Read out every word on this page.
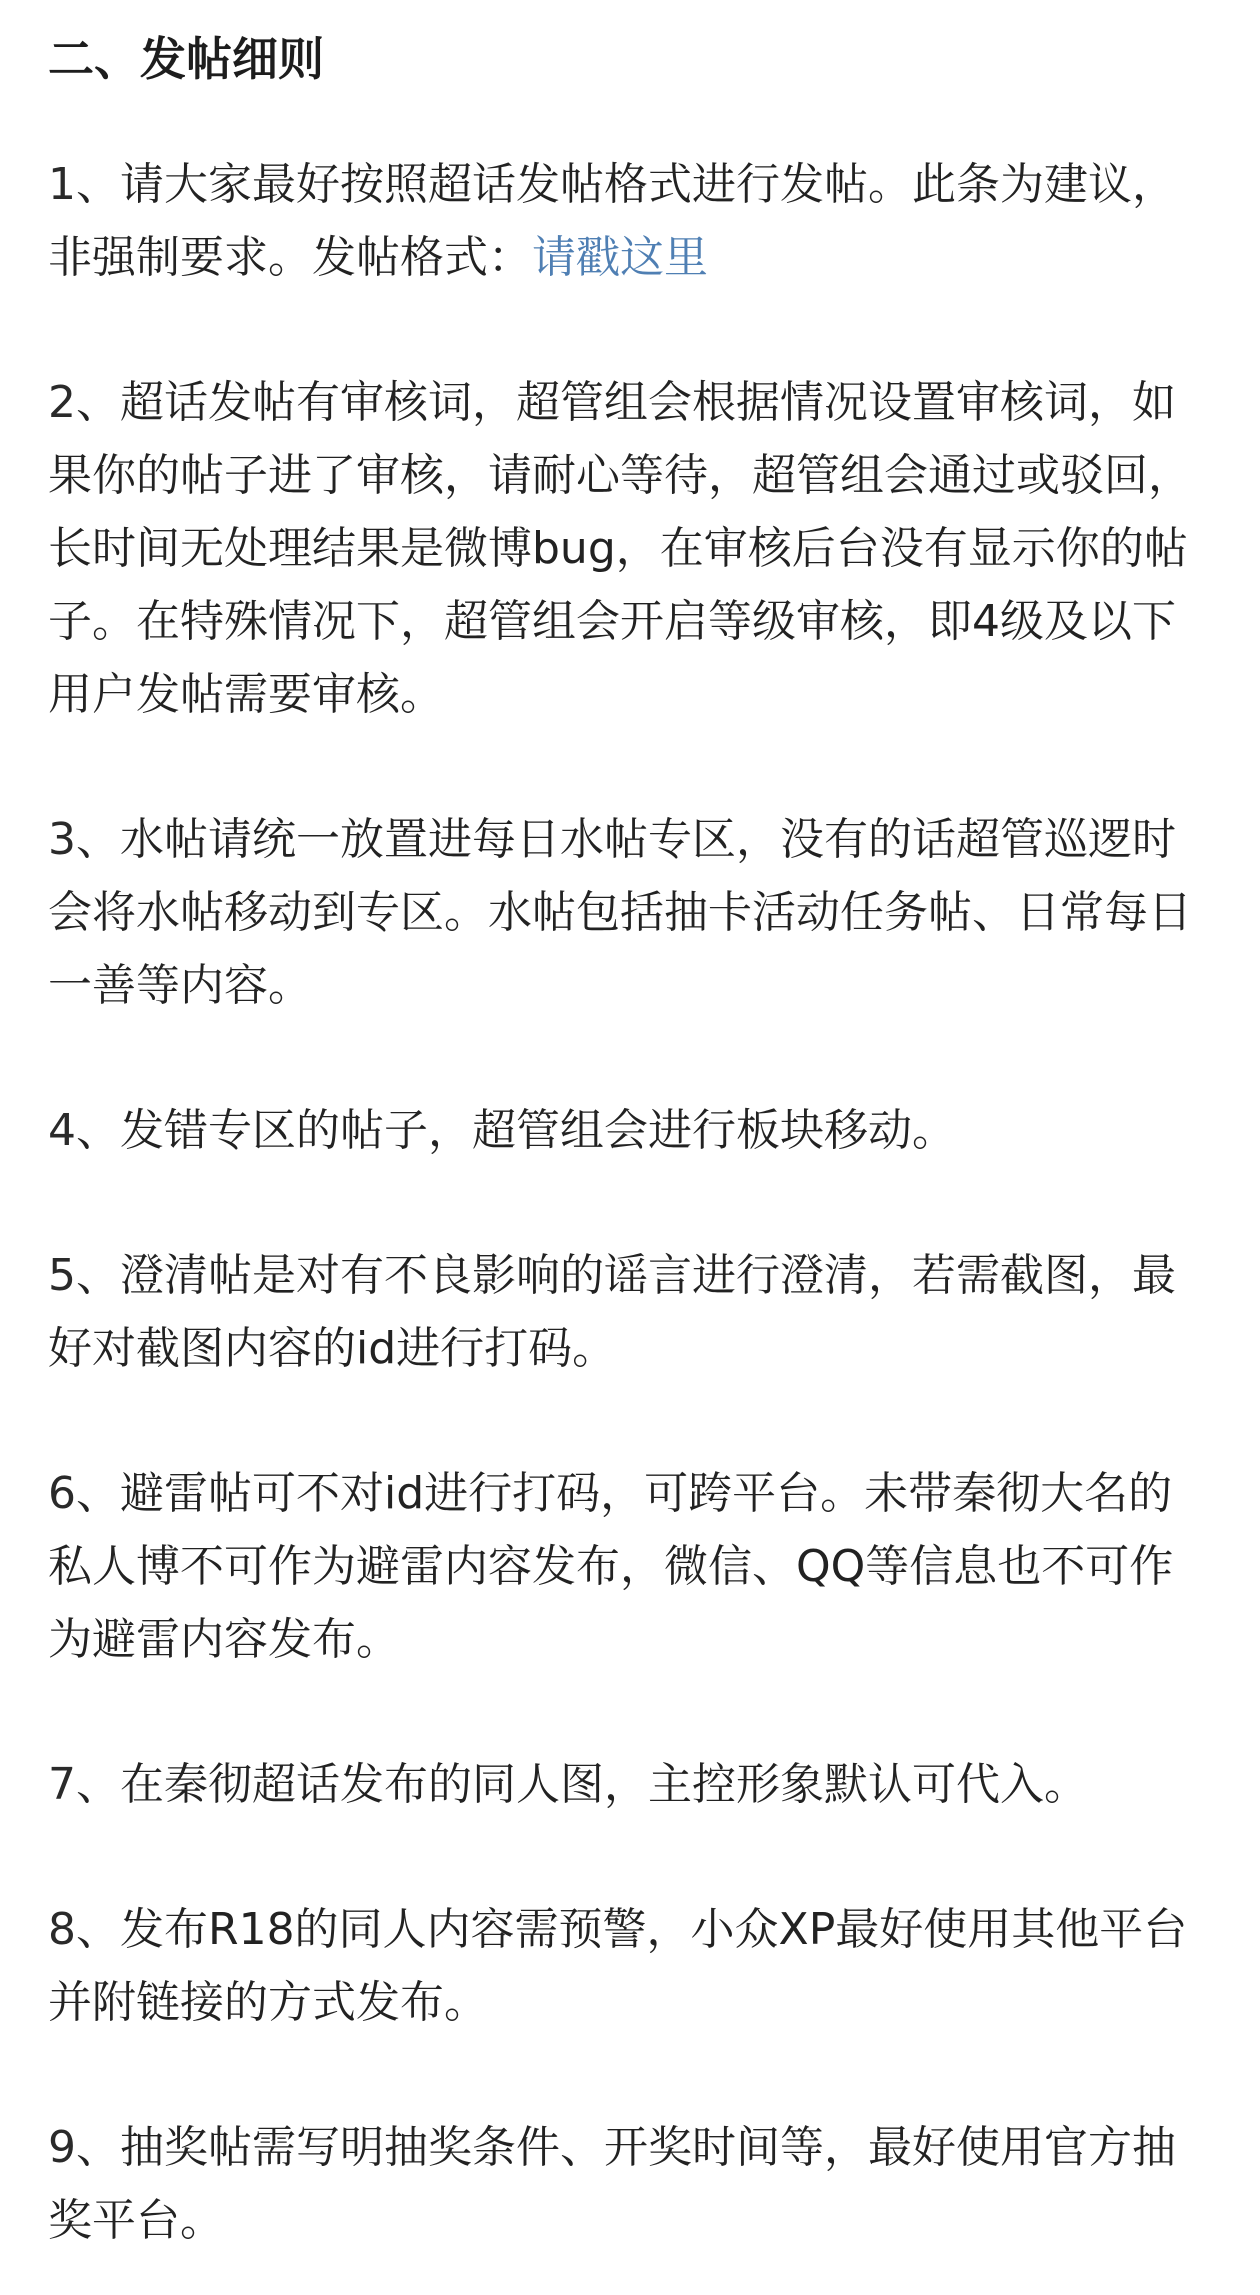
二、发帖细则

1、请大家最好按照超话发帖格式进行发帖。此条为建议，非强制要求。发帖格式：请戳这里

2、超话发帖有审核词，超管组会根据情况设置审核词，如果你的帖子进了审核，请耐心等待，超管组会通过或驳回，长时间无处理结果是微博bug，在审核后台没有显示你的帖子。在特殊情况下，超管组会开启等级审核，即4级及以下用户发帖需要审核。

3、水帖请统一放置进每日水帖专区，没有的话超管巡逻时会将水帖移动到专区。水帖包括抽卡活动任务帖、日常每日一善等内容。

4、发错专区的帖子，超管组会进行板块移动。

5、澄清帖是对有不良影响的谣言进行澄清，若需截图，最好对截图内容的id进行打码。

6、避雷帖可不对id进行打码，可跨平台。未带秦彻大名的私人博不可作为避雷内容发布，微信、QQ等信息也不可作为避雷内容发布。

7、在秦彻超话发布的同人图，主控形象默认可代入。

8、发布R18的同人内容需预警，小众XP最好使用其他平台并附链接的方式发布。

9、抽奖帖需写明抽奖条件、开奖时间等，最好使用官方抽奖平台。
